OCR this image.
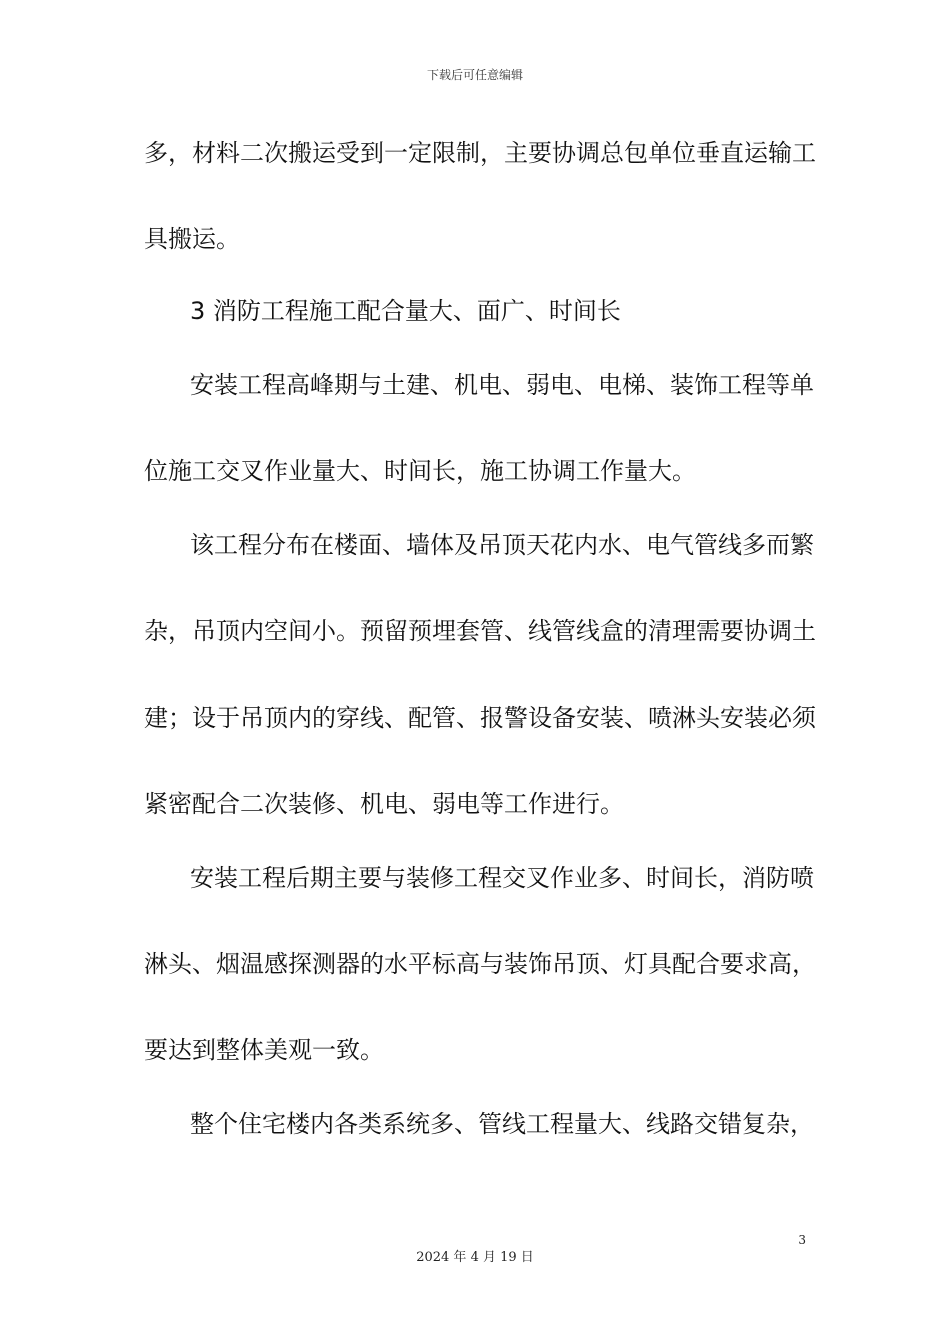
下载后可任意编辑
多，材料二次搬运受到一定限制，主要协调总包单位垂直运输工
具搬运。
3 消防工程施工配合量大、面广、时间长
安装工程高峰期与土建、机电、弱电、电梯、装饰工程等单
位施工交叉作业量大、时间长，施工协调工作量大。
该工程分布在楼面、墙体及吊顶天花内水、电气管线多而繁
杂，吊顶内空间小。预留预埋套管、线管线盒的清理需要协调土
建；设于吊顶内的穿线、配管、报警设备安装、喷淋头安装必须
紧密配合二次装修、机电、弱电等工作进行。
安装工程后期主要与装修工程交叉作业多、时间长，消防喷
淋头、烟温感探测器的水平标高与装饰吊顶、灯具配合要求高，
要达到整体美观一致。
整个住宅楼内各类系统多、管线工程量大、线路交错复杂，
3
2024 年 4 月 19 日
